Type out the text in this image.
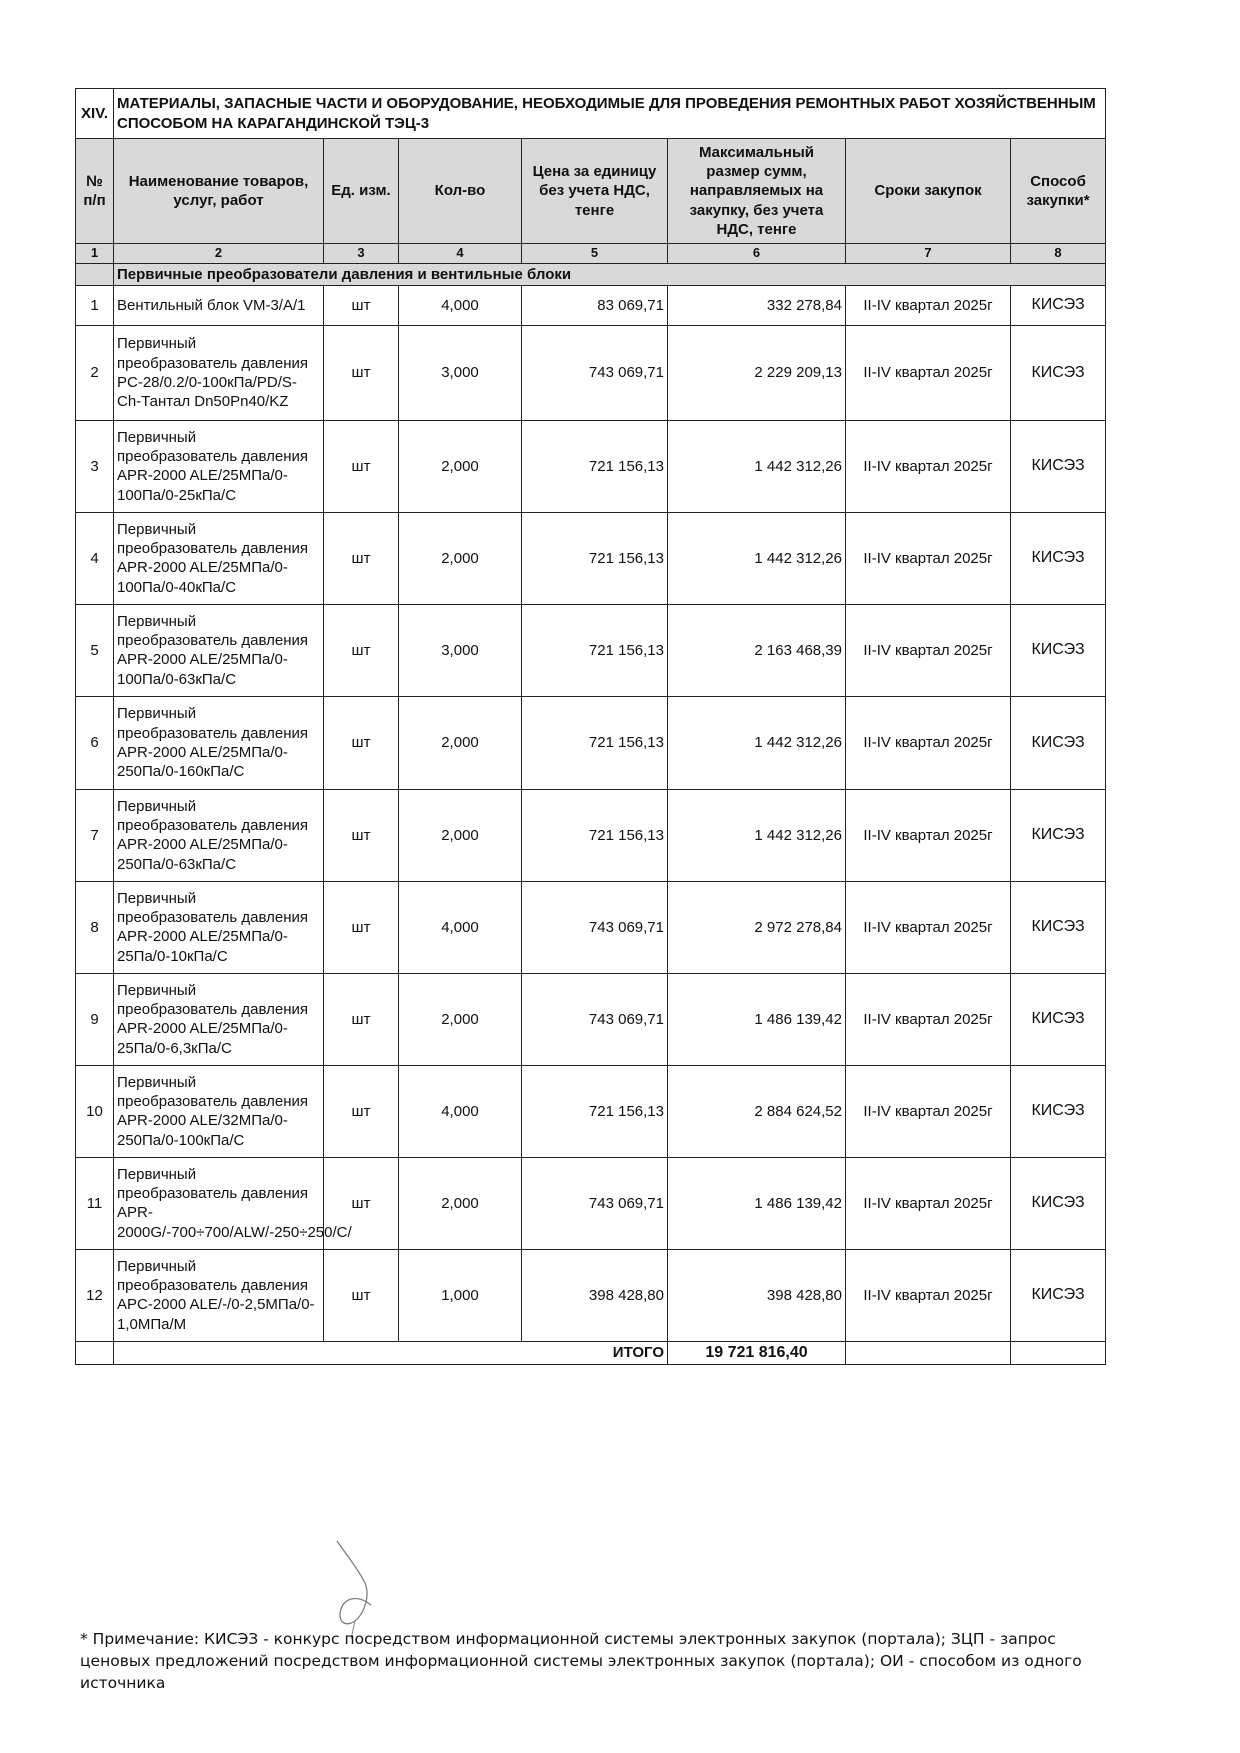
XIV.	МАТЕРИАЛЫ, ЗАПАСНЫЕ ЧАСТИ И ОБОРУДОВАНИЕ, НЕОБХОДИМЫЕ ДЛЯ ПРОВЕДЕНИЯ РЕМОНТНЫХ РАБОТ ХОЗЯЙСТВЕННЫМ СПОСОБОМ НА КАРАГАНДИНСКОЙ ТЭЦ-3						
№ п/п	Наименование товаров, услуг, работ	Ед. изм.	Кол-во	Цена за единицу без учета НДС, тенге	Максимальный размер сумм, направляемых на закупку, без учета НДС, тенге	Сроки закупок	Способ закупки*
1	2	3	4	5	6	7	8
	Первичные преобразователи давления и вентильные блоки						
1	Вентильный блок VM-3/A/1	шт	4,000	83 069,71	332 278,84	II-IV квартал 2025г	КИСЭЗ
2	Первичный преобразователь давления PC-28/0.2/0-100кПа/PD/S-Ch-Тантал Dn50Pn40/KZ	шт	3,000	743 069,71	2 229 209,13	II-IV квартал 2025г	КИСЭЗ
3	Первичный преобразователь давления APR-2000 ALE/25МПа/0-100Па/0-25кПа/C	шт	2,000	721 156,13	1 442 312,26	II-IV квартал 2025г	КИСЭЗ
4	Первичный преобразователь давления APR-2000 ALE/25МПа/0-100Па/0-40кПа/C	шт	2,000	721 156,13	1 442 312,26	II-IV квартал 2025г	КИСЭЗ
5	Первичный преобразователь давления APR-2000 ALE/25МПа/0-100Па/0-63кПа/C	шт	3,000	721 156,13	2 163 468,39	II-IV квартал 2025г	КИСЭЗ
6	Первичный преобразователь давления APR-2000 ALE/25МПа/0-250Па/0-160кПа/C	шт	2,000	721 156,13	1 442 312,26	II-IV квартал 2025г	КИСЭЗ
7	Первичный преобразователь давления APR-2000 ALE/25МПа/0-250Па/0-63кПа/C	шт	2,000	721 156,13	1 442 312,26	II-IV квартал 2025г	КИСЭЗ
8	Первичный преобразователь давления APR-2000 ALE/25МПа/0-25Па/0-10кПа/C	шт	4,000	743 069,71	2 972 278,84	II-IV квартал 2025г	КИСЭЗ
9	Первичный преобразователь давления APR-2000 ALE/25МПа/0-25Па/0-6,3кПа/C	шт	2,000	743 069,71	1 486 139,42	II-IV квартал 2025г	КИСЭЗ
10	Первичный преобразователь давления APR-2000 ALE/32МПа/0-250Па/0-100кПа/C	шт	4,000	721 156,13	2 884 624,52	II-IV квартал 2025г	КИСЭЗ
11	Первичный преобразователь давления APR-2000G/-700÷700/ALW/-250÷250/C/	шт	2,000	743 069,71	1 486 139,42	II-IV квартал 2025г	КИСЭЗ
12	Первичный преобразователь давления APC-2000 ALE/-/0-2,5МПа/0-1,0МПа/M	шт	1,000	398 428,80	398 428,80	II-IV квартал 2025г	КИСЭЗ
	ИТОГО				19 721 816,40		
* Примечание: КИСЭЗ - конкурс посредством информационной системы электронных закупок (портала); ЗЦП - запрос ценовых предложений посредством информационной системы электронных закупок (портала); ОИ - способом из одного источника
